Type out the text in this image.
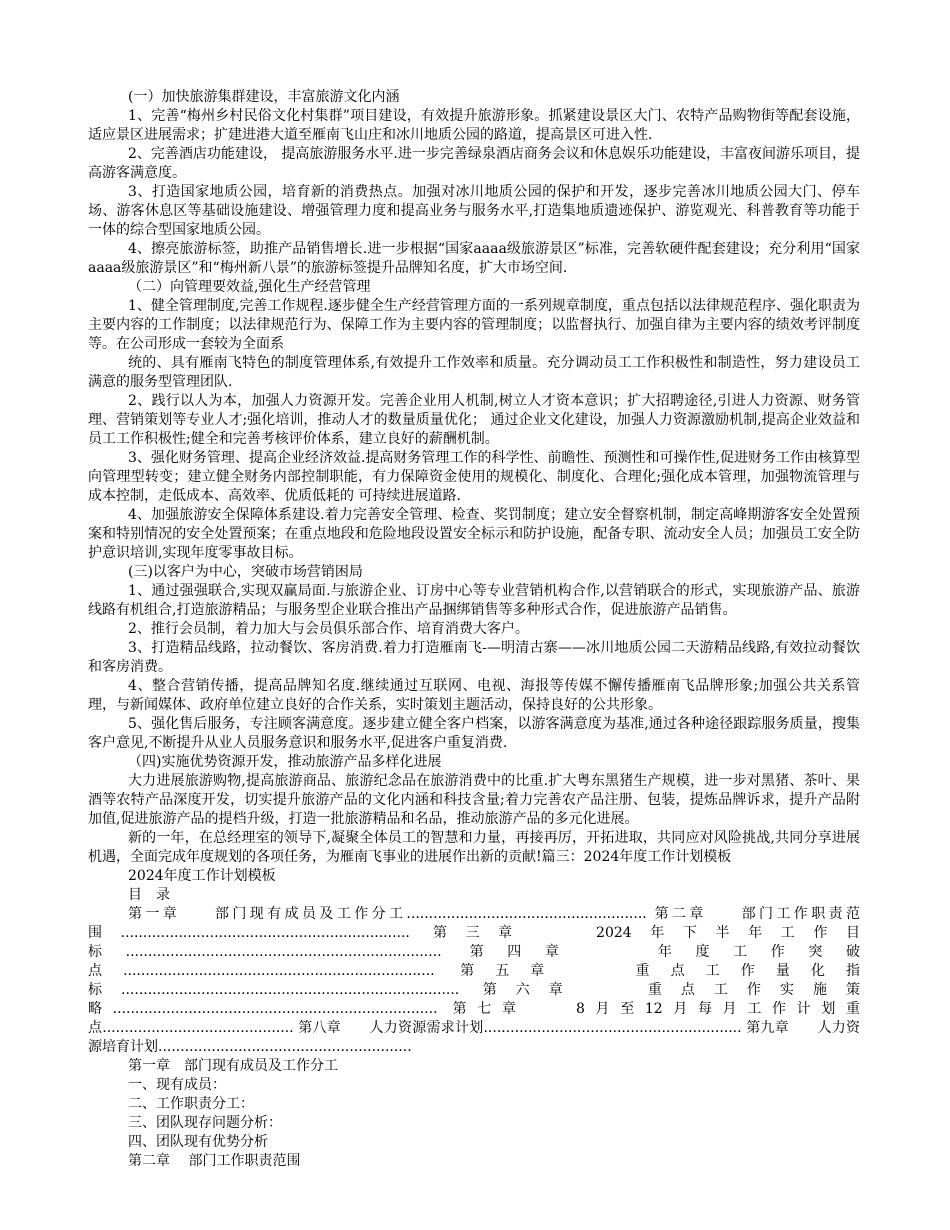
(一）加快旅游集群建设，丰富旅游文化内涵

1、完善“梅州乡村民俗文化村集群”项目建设，有效提升旅游形象。抓紧建设景区大门、农特产品购物街等配套设施，适应景区进展需求；扩建进港大道至雁南飞山庄和冰川地质公园的路道，提高景区可进入性.

2、完善酒店功能建设， 提高旅游服务水平.进一步完善绿泉酒店商务会议和休息娱乐功能建设，丰富夜间游乐项目，提高游客满意度。

3、打造国家地质公园，培育新的消费热点。加强对冰川地质公园的保护和开发，逐步完善冰川地质公园大门、停车场、游客休息区等基础设施建设、增强管理力度和提高业务与服务水平,打造集地质遗迹保护、游览观光、科普教育等功能于一体的综合型国家地质公园。

4、擦亮旅游标签，助推产品销售增长.进一步根据“国家aaaa级旅游景区”标准，完善软硬件配套建设；充分利用“国家aaaa级旅游景区”和“梅州新八景”的旅游标签提升品牌知名度，扩大市场空间.

（二）向管理要效益,强化生产经营管理

1、健全管理制度,完善工作规程.逐步健全生产经营管理方面的一系列规章制度，重点包括以法律规范程序、强化职责为主要内容的工作制度；以法律规范行为、保障工作为主要内容的管理制度；以监督执行、加强自律为主要内容的绩效考评制度等。在公司形成一套较为全面系

统的、具有雁南飞特色的制度管理体系,有效提升工作效率和质量。充分调动员工工作积极性和制造性，努力建设员工满意的服务型管理团队.

2、践行以人为本，加强人力资源开发。完善企业用人机制,树立人才资本意识；扩大招聘途径,引进人力资源、财务管理、营销策划等专业人才;强化培训，推动人才的数量质量优化； 通过企业文化建设，加强人力资源激励机制,提高企业效益和员工工作积极性;健全和完善考核评价体系，建立良好的薪酬机制。

3、强化财务管理、提高企业经济效益.提高财务管理工作的科学性、前瞻性、预测性和可操作性,促进财务工作由核算型向管理型转变；建立健全财务内部控制职能，有力保障资金使用的规模化、制度化、合理化;强化成本管理，加强物流管理与成本控制，走低成本、高效率、优质低耗的 可持续进展道路.

4、加强旅游安全保障体系建设.着力完善安全管理、检查、奖罚制度；建立安全督察机制，制定高峰期游客安全处置预案和特别情况的安全处置预案；在重点地段和危险地段设置安全标示和防护设施，配备专职、流动安全人员；加强员工安全防护意识培训,实现年度零事故目标。

(三)以客户为中心，突破市场营销困局

1、通过强强联合,实现双赢局面.与旅游企业、订房中心等专业营销机构合作,以营销联合的形式，实现旅游产品、旅游线路有机组合,打造旅游精品；与服务型企业联合推出产品捆绑销售等多种形式合作，促进旅游产品销售。

2、推行会员制，着力加大与会员俱乐部合作、培育消费大客户。

3、打造精品线路，拉动餐饮、客房消费.着力打造雁南飞-—明清古寨——冰川地质公园二天游精品线路,有效拉动餐饮和客房消费。

4、整合营销传播，提高品牌知名度.继续通过互联网、电视、海报等传媒不懈传播雁南飞品牌形象;加强公共关系管理，与新闻媒体、政府单位建立良好的合作关系，实时策划主题活动，保持良好的公共形象。

5、强化售后服务，专注顾客满意度。逐步建立健全客户档案，以游客满意度为基准,通过各种途径跟踪服务质量，搜集客户意见,不断提升从业人员服务意识和服务水平,促进客户重复消费.

（四)实施优势资源开发，推动旅游产品多样化进展

大力进展旅游购物,提高旅游商品、旅游纪念品在旅游消费中的比重.扩大粤东黑猪生产规模，进一步对黑猪、茶叶、果酒等农特产品深度开发，切实提升旅游产品的文化内涵和科技含量;着力完善农产品注册、包装，提炼品牌诉求，提升产品附加值,促进旅游产品的提档升级，打造一批旅游精品和名品，推动旅游产品的多元化进展。

新的一年，在总经理室的领导下,凝聚全体员工的智慧和力量，再接再厉，开拓进取，共同应对风险挑战,共同分享进展机遇，全面完成年度规划的各项任务，为雁南飞事业的进展作出新的贡献!篇三：2024年度工作计划模板

2024年度工作计划模板

目　录

第一章　　部门现有成员及工作分工...................................................... 第二章　　部门工作职责范围................................................................. 第三章　　2024年下半年工作目标....................................................................... 第四章　　年度工作突破点...................................................................... 第五章　　重点工作量化指标............................................................................ 第六章　　重点工作实施策略......................................................................... 第七章　　8月至12月每月工作计划重点........................................... 第八章　　人力资源需求计划.......................................................... 第九章　　人力资源培育计划.........................................................

第一章　部门现有成员及工作分工

一、现有成员：

二、工作职责分工：

三、团队现存问题分析：

四、团队现有优势分析

第二章　 部门工作职责范围
